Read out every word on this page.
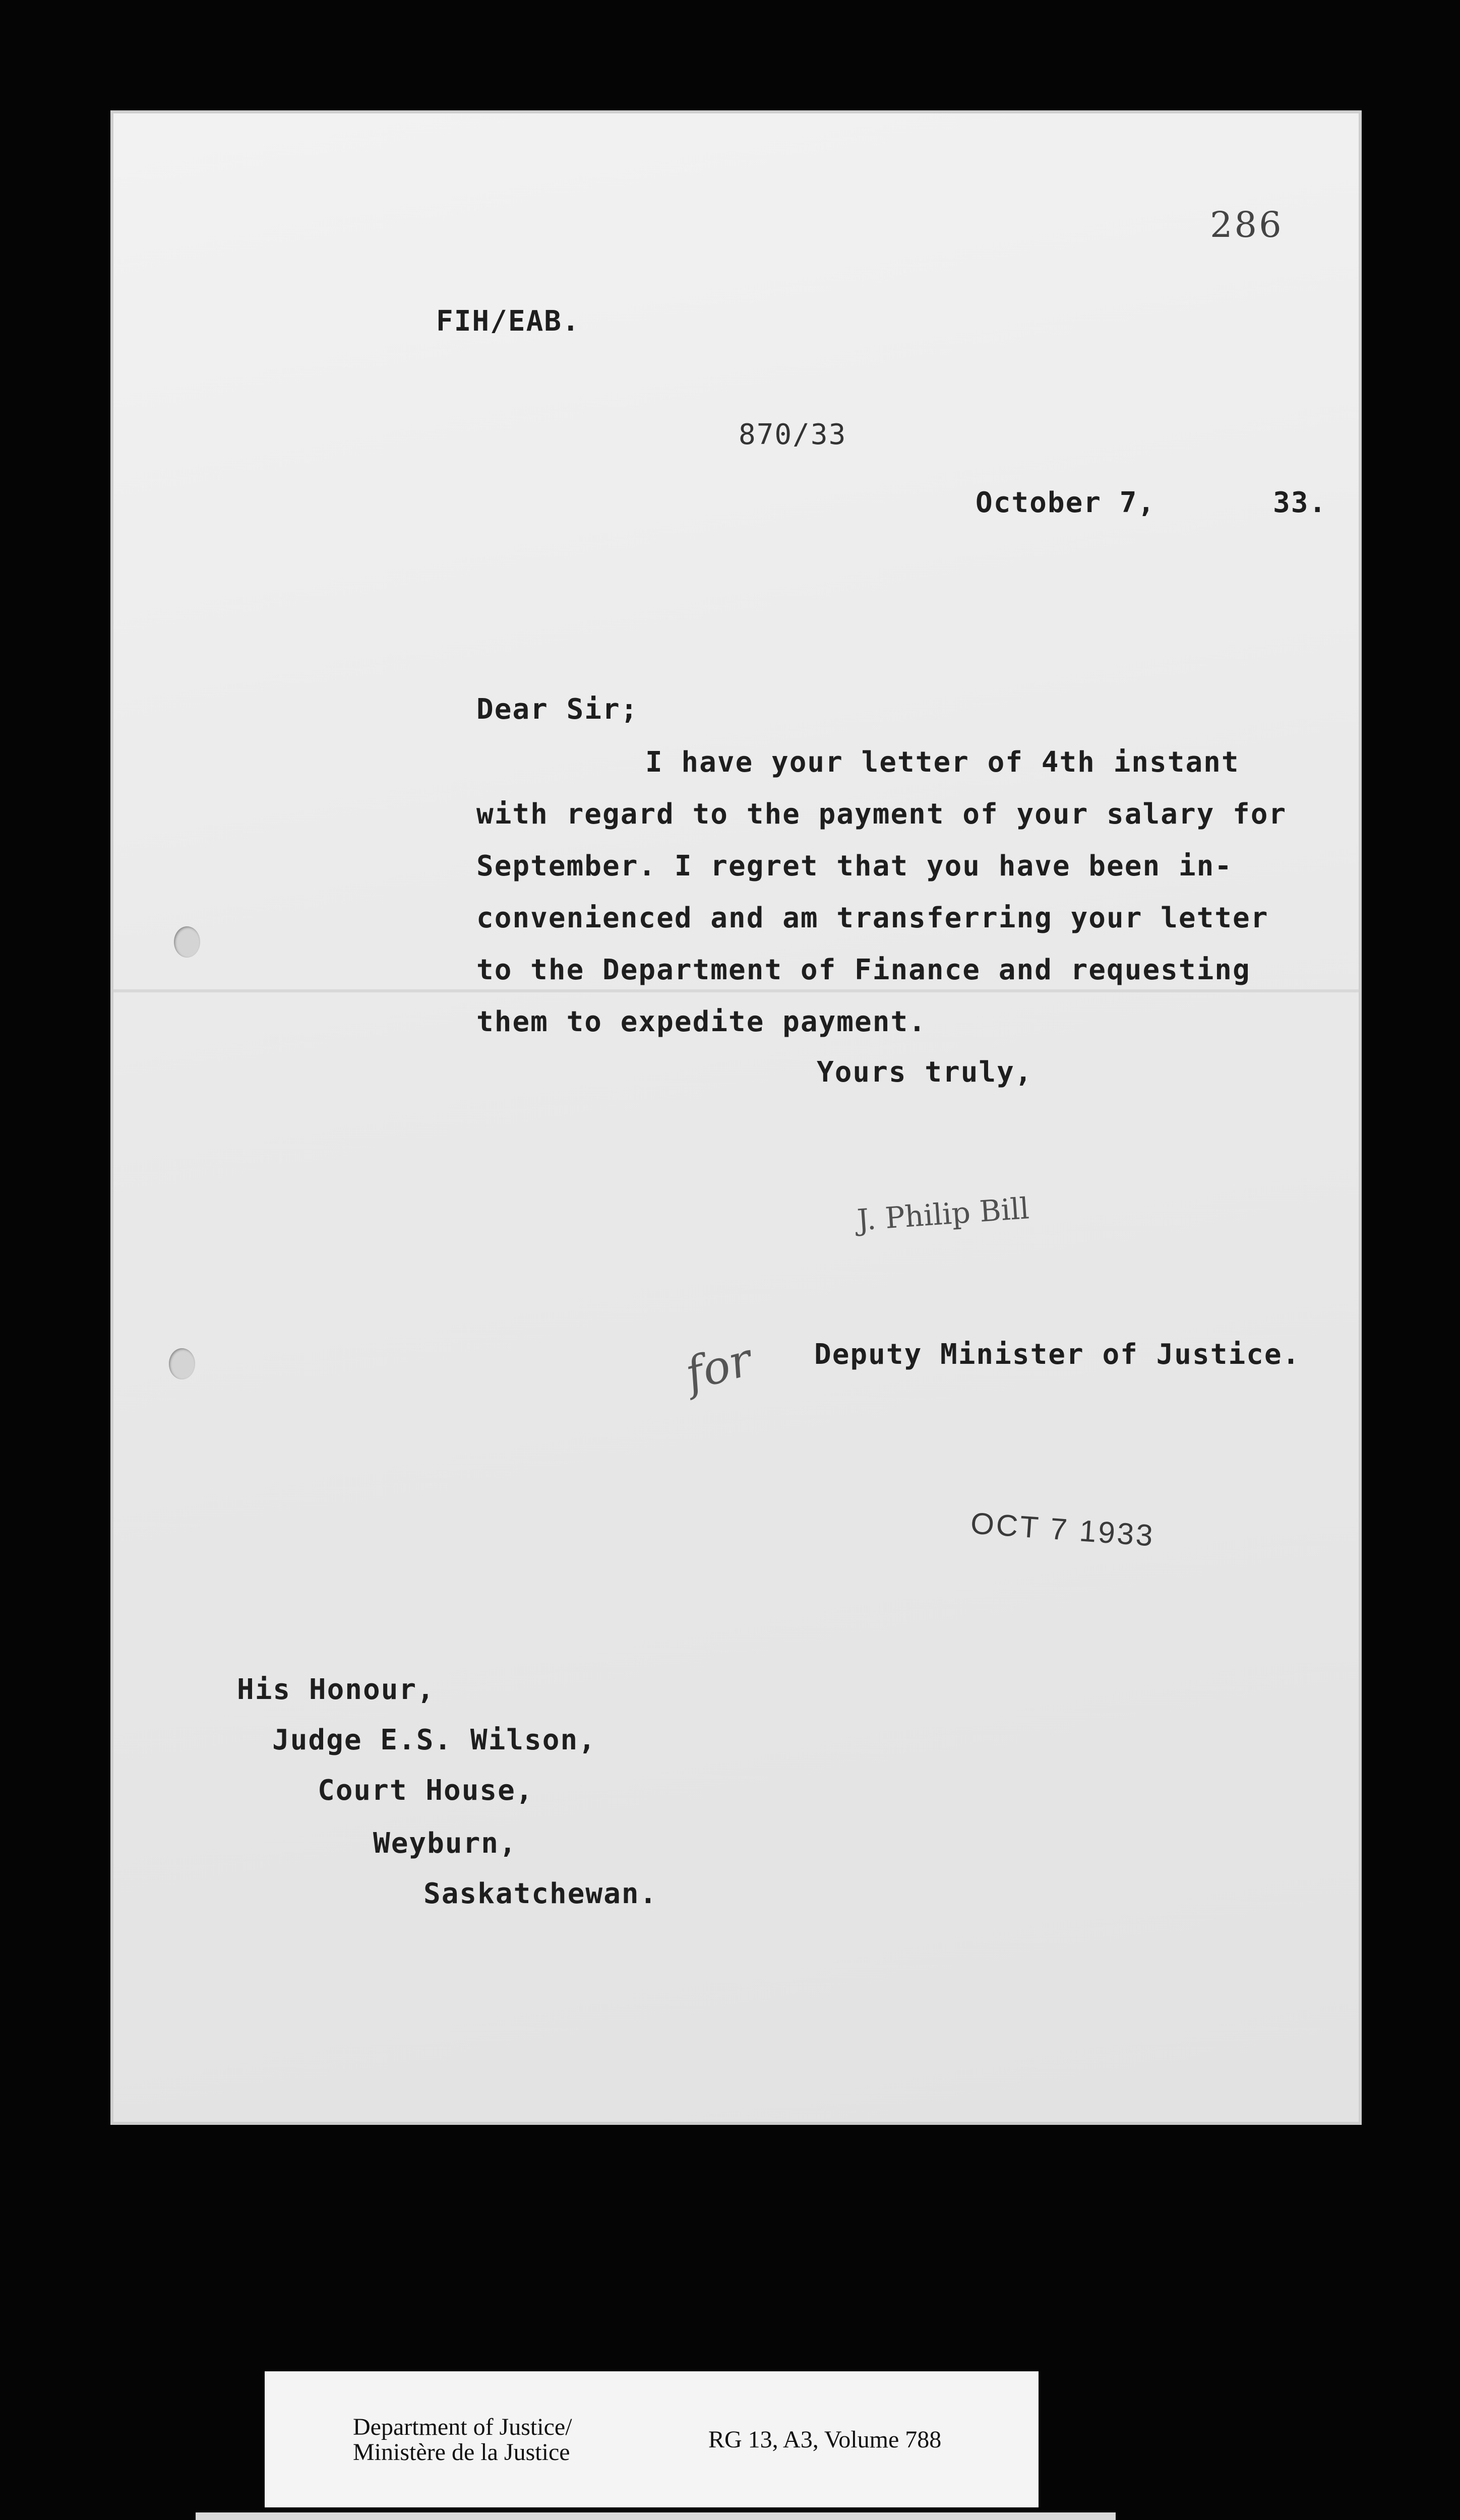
286
FIH/EAB.
870/33
October 7,	33.
Dear Sir;
I have your letter of 4th instant
with regard to the payment of your salary for
September. I regret that you have been in-
convenienced and am transferring your letter
to the Department of Finance and requesting
them to expedite payment.
Yours truly,
J. Philip Bill
for Deputy Minister of Justice.
OCT 7 1933
His Honour,
Judge E.S. Wilson,
Court House,
Weyburn,
Saskatchewan.
Department of Justice/
Ministère de la Justice	RG 13, A3, Volume 788
